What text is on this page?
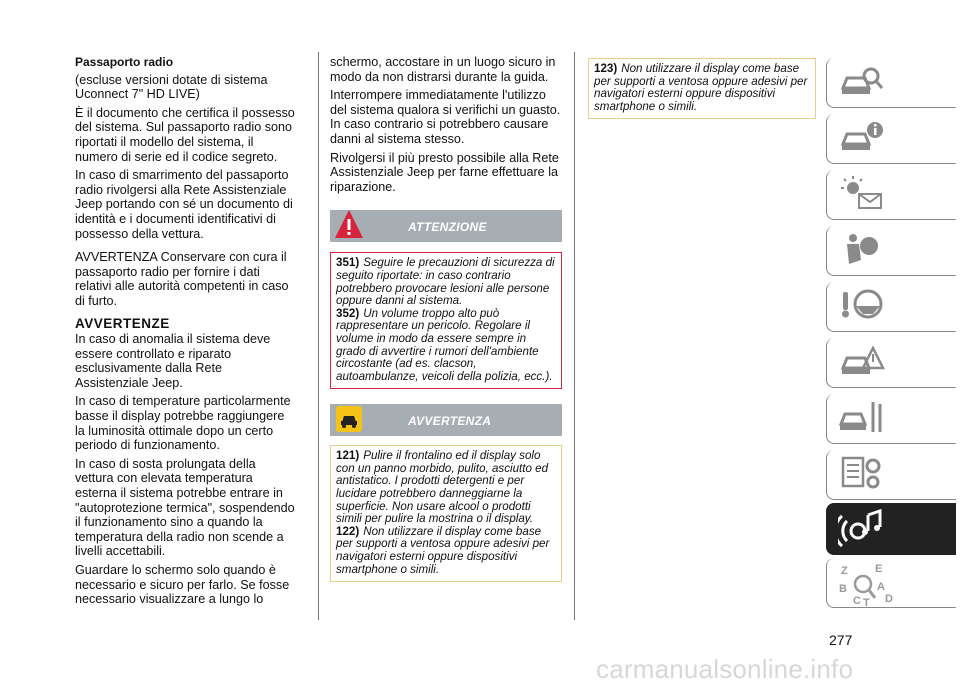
Passaporto radio

(escluse versioni dotate di sistema Uconnect 7" HD LIVE)

È il documento che certifica il possesso del sistema. Sul passaporto radio sono riportati il modello del sistema, il numero di serie ed il codice segreto.

In caso di smarrimento del passaporto radio rivolgersi alla Rete Assistenziale Jeep portando con sé un documento di identità e i documenti identificativi di possesso della vettura.

AVVERTENZA Conservare con cura il passaporto radio per fornire i dati relativi alle autorità competenti in caso di furto.

AVVERTENZE

In caso di anomalia il sistema deve essere controllato e riparato esclusivamente dalla Rete Assistenziale Jeep.

In caso di temperature particolarmente basse il display potrebbe raggiungere la luminosità ottimale dopo un certo periodo di funzionamento.

In caso di sosta prolungata della vettura con elevata temperatura esterna il sistema potrebbe entrare in "autoprotezione termica", sospendendo il funzionamento sino a quando la temperatura della radio non scende a livelli accettabili.

Guardare lo schermo solo quando è necessario e sicuro per farlo. Se fosse necessario visualizzare a lungo lo

schermo, accostare in un luogo sicuro in modo da non distrarsi durante la guida.

Interrompere immediatamente l'utilizzo del sistema qualora si verifichi un guasto. In caso contrario si potrebbero causare danni al sistema stesso.

Rivolgersi il più presto possibile alla Rete Assistenziale Jeep per farne effettuare la riparazione.

ATTENZIONE

351) Seguire le precauzioni di sicurezza di seguito riportate: in caso contrario potrebbero provocare lesioni alle persone oppure danni al sistema.

352) Un volume troppo alto può rappresentare un pericolo. Regolare il volume in modo da essere sempre in grado di avvertire i rumori dell'ambiente circostante (ad es. clacson, autoambulanze, veicoli della polizia, ecc.).

AVVERTENZA

121) Pulire il frontalino ed il display solo con un panno morbido, pulito, asciutto ed antistatico. I prodotti detergenti e per lucidare potrebbero danneggiarne la superficie. Non usare alcool o prodotti simili per pulire la mostrina o il display.

122) Non utilizzare il display come base per supporti a ventosa oppure adesivi per navigatori esterni oppure dispositivi smartphone o simili.

123) Non utilizzare il display come base per supporti a ventosa oppure adesivi per navigatori esterni oppure dispositivi smartphone o simili.

Z E
B	A
C T D
277
carmanualsonline.info
